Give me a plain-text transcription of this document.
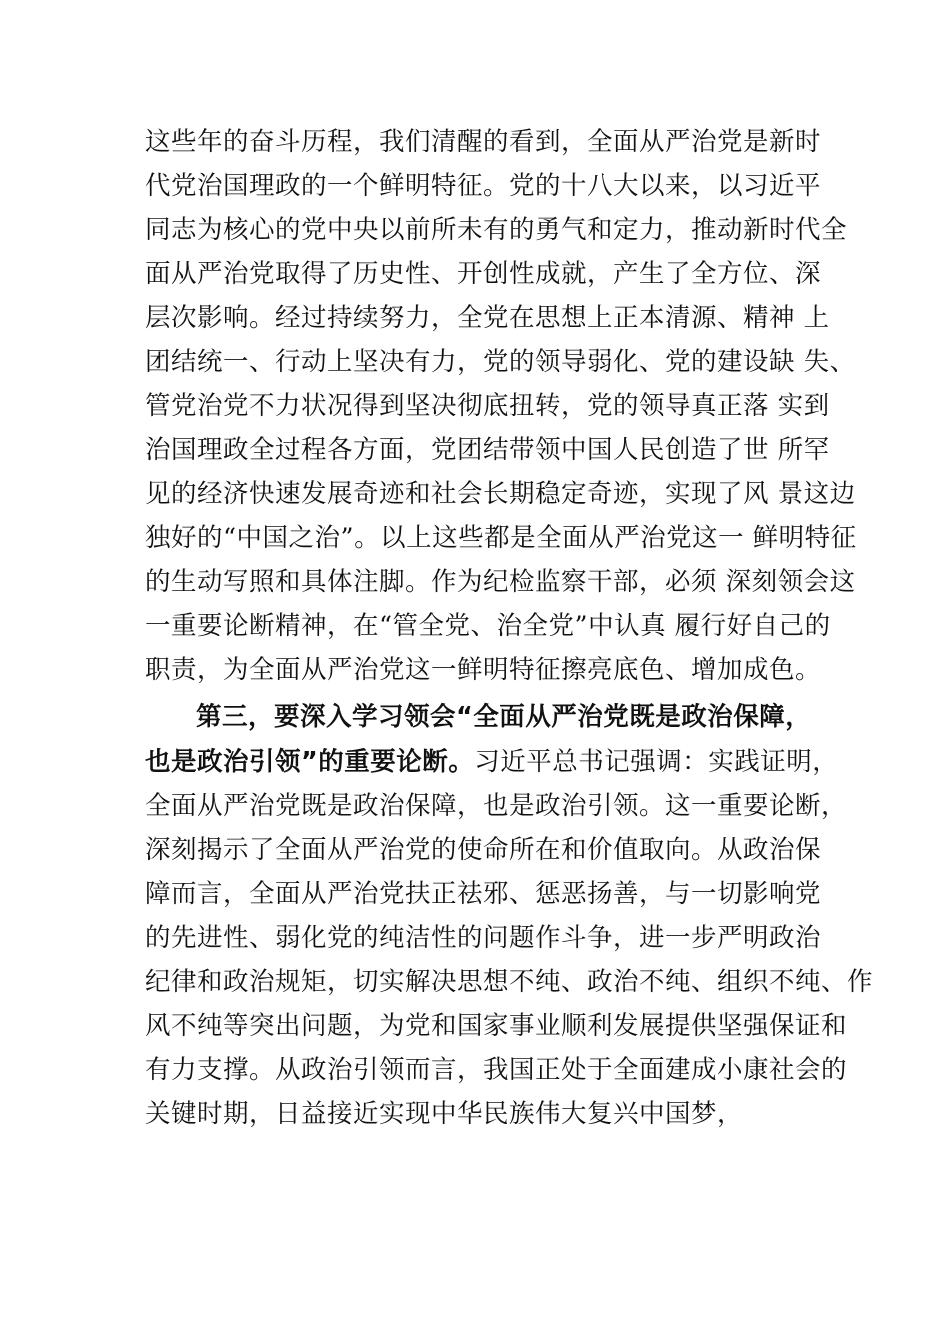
这些年的奋斗历程，我们清醒的看到，全面从严治党是新时
代党治国理政的一个鲜明特征。党的十八大以来，以习近平
同志为核心的党中央以前所未有的勇气和定力，推动新时代全
面从严治党取得了历史性、开创性成就，产生了全方位、深
层次影响。经过持续努力，全党在思想上正本清源、精神 上
团结统一、行动上坚决有力，党的领导弱化、党的建设缺 失、
管党治党不力状况得到坚决彻底扭转，党的领导真正落 实到
治国理政全过程各方面，党团结带领中国人民创造了世 所罕
见的经济快速发展奇迹和社会长期稳定奇迹，实现了风 景这边
独好的“中国之治”。以上这些都是全面从严治党这一 鲜明特征
的生动写照和具体注脚。作为纪检监察干部，必须 深刻领会这
一重要论断精神，在“管全党、治全党”中认真 履行好自己的
职责，为全面从严治党这一鲜明特征擦亮底色、增加成色。
第三，要深入学习领会“全面从严治党既是政治保障，
也是政治引领”的重要论断。习近平总书记强调：实践证明，
全面从严治党既是政治保障，也是政治引领。这一重要论断，
深刻揭示了全面从严治党的使命所在和价值取向。从政治保
障而言，全面从严治党扶正祛邪、惩恶扬善，与一切影响党
的先进性、弱化党的纯洁性的问题作斗争，进一步严明政治
纪律和政治规矩，切实解决思想不纯、政治不纯、组织不纯、作
风不纯等突出问题，为党和国家事业顺利发展提供坚强保证和
有力支撑。从政治引领而言，我国正处于全面建成小康社会的
关键时期，日益接近实现中华民族伟大复兴中国梦，
